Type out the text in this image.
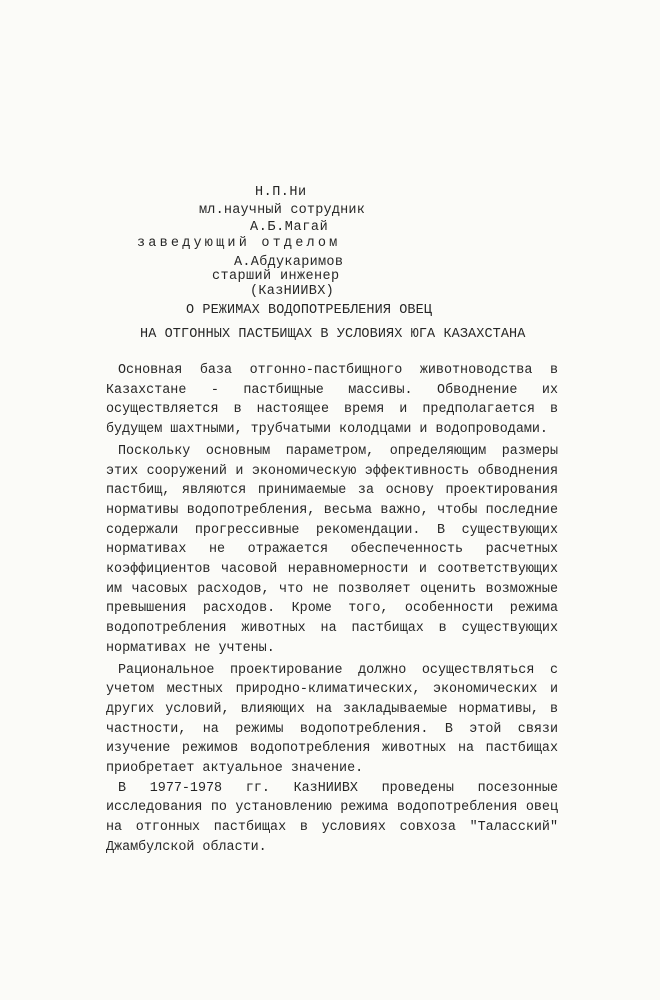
Н.П.Ни
мл.научный сотрудник
А.Б.Магай
заведующий отделом
А.Абдукаримов
старший инженер
(КазНИИВХ)
О РЕЖИМАХ ВОДОПОТРЕБЛЕНИЯ ОВЕЦ
НА ОТГОННЫХ ПАСТБИЩАХ В УСЛОВИЯХ ЮГА КАЗАХСТАНА

Основная база отгонно-пастбищного животноводства в Казахстане - пастбищные массивы. Обводнение их осуществляется в настоящее время и предполагается в будущем шахтными, трубчатыми колодцами и водопроводами.

Поскольку основным параметром, определяющим размеры этих сооружений и экономическую эффективность обводнения пастбищ, являются принимаемые за основу проектирования нормативы водопотребления, весьма важно, чтобы последние содержали прогрессивные рекомендации. В существующих нормативах не отражается обеспеченность расчетных коэффициентов часовой неравномерности и соответствующих им часовых расходов, что не позволяет оценить возможные превышения расходов. Кроме того, особенности режима водопотребления животных на пастбищах в существующих нормативах не учтены.

Рациональное проектирование должно осуществляться с учетом местных природно-климатических, экономических и других условий, влияющих на закладываемые нормативы, в частности, на режимы водопотребления. В этой связи изучение режимов водопотребления животных на пастбищах приобретает актуальное значение.

В 1977-1978 гг. КазНИИВХ проведены посезонные исследования по установлению режима водопотребления овец на отгонных пастбищах в условиях совхоза "Таласский" Джамбулской области.
